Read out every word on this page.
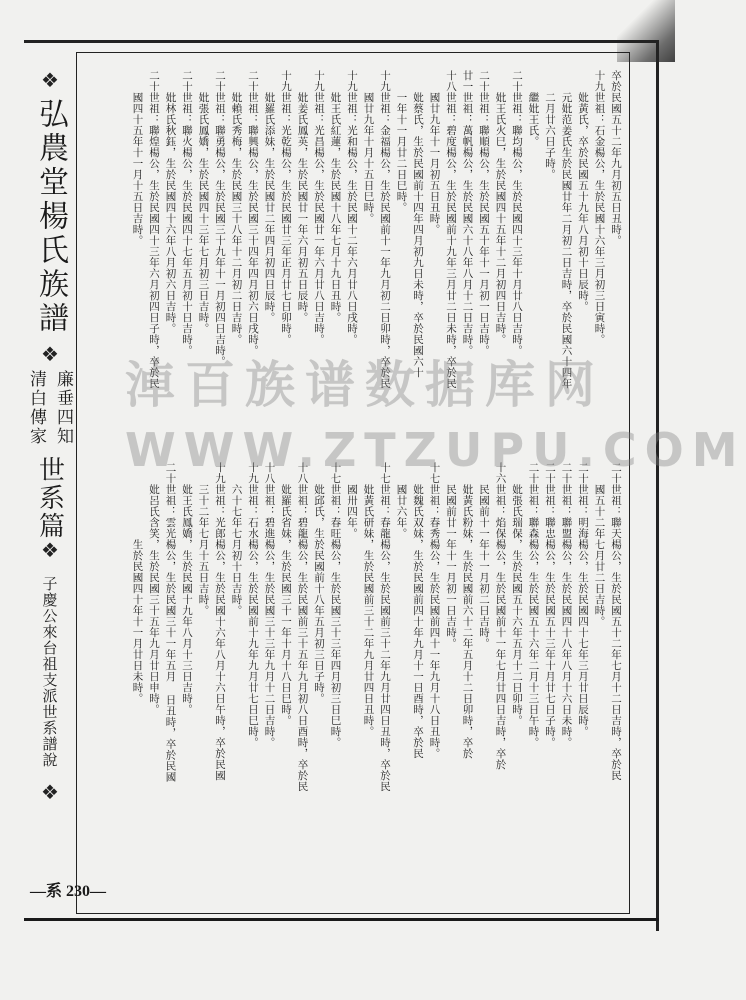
❖
弘農堂楊氏族譜
❖
廉垂四知
清白傳家
世系篇
❖
子慶公來台祖支派世系譜說
❖
—系 230—
卒於民國五十二年九月初五日丑時。
十九世祖：石金楊公，生於民國十六年三月初三日寅時。
　　妣黃氏，卒於民國五十九年八月初十日辰時。
　　元妣范姜氏生於民國廿年二月初二日吉時，卒於民國六十四年
　　二月廿六日子時。
　　繼妣王氏。
二十世祖：聯均楊公，生於民國四十三年十月廿八日吉時。
　　妣王氏火巳，生於民國四十五年十二月初四日吉時。
二十世祖：聯順楊公，生於民國五十年十一月初一日吉時。
廿一世祖：萬帆楊公，生於民國六十八年八月十二日吉時。
十八世祖：碧度楊公，生於民國前十九年三月廿二日未時，卒於民
　　國廿九年十一月初五日丑時。
　　妣蔡氏，生於民國前十四年四月初九日未時，卒於民國六十
　　一年十一月廿二日巳時。
十九世祖：金福楊公，生於民國前十一年九月初二日卯時，卒於民
　　國廿九年十月十五日巳時。
十九世祖：光和楊公，生於民國十二年六月廿八日戌時。
　　妣王氏紅蓮，生於民國十八年七月十九日丑時。
十九世祖：光昌楊公，生於民國廿一年六月廿八日吉時。
　　妣姜氏鳳英，生於民國廿一年六月初五日辰時。
十九世祖：光乾楊公，生於民國廿三年正月廿七日卯時。
　　妣羅氏添妹，生於民國廿二年四月初四日辰時。
二十世祖：聯興楊公，生於民國三十四年四月初六日戌時。
　　妣賴氏秀梅，生於民國三十八年十二月初二日吉時。
二十世祖：聯勇楊公，生於民國三十九年十一月初四日吉時。
　　妣張氏鳳嬌，生於民國四十三年七月初三日吉時。
二十世祖：聯火楊公，生於民國四十七年五月初十日吉時。
　　妣林氏秋鈺，生於民國四十六年八月初六日吉時。
二十世祖：聯煌楊公，生於民國四十三年六月初四日子時，卒於民
　　國四十五年十一月十五日吉時。
二十世祖：聯天楊公，生於民國五十二年七月十二日吉時，卒於民
　　國五十二年七月廿二日吉時。
二十世祖：明海楊公，生於民國四十七年三月廿日辰時。
二十世祖：聯盟楊公，生於民國四十八年八月十六日未時。
二十世祖：聯忠楊公，生於民國五十三年十月廿七日子時。
二十世祖：聯森楊公，生於民國五十六年二月十三日午時。
　　妣張氏瑞保，生於民國五十六年五月十二日卯時。
十六世祖：焰保楊公，生於民國前十一年七月廿四日吉時，卒於
　　民國前十一年十一月初二日吉時。
　　妣黃氏粉妹，生於民國前六十二年五月十二日卯時，卒於
　　民國前廿一年十一月初一日吉時。
十七世祖：春秀楊公，生於民國前四十一年九月十八日丑時。
　　妣魏氏双妹，生於民國前四十年九月十一日酉時，卒於民
　　國廿六年。
十七世祖：春龍楊公，生於民國前三十二年九月廿四日丑時，卒於民
　　妣黃氏研妹，生於民國前三十二年九月廿四日丑時。
　　國卅四年。
十七世祖：春旺楊公，生於民國三十三年四月初三日巳時。
　　妣邱氏，生於民國前十八年五月初三日子時。
十八世祖：碧龍楊公，生於民國前三十五年九月初八日酉時，卒於民
　　妣羅氏省妹，生於民國三十一年十月十八日巳時。
十八世祖：碧進楊公，生於民國三十三年九月十二日吉時。
十九世祖：石水楊公，生於民國前十九年九月廿七日巳時。
　　六十七年七月初十日吉時。
十九世祖：光郎楊公，生於民國十六年八月十六日午時，卒於民國
　　三十二年七月十五日吉時。
　　妣王氏鳳嬌，生於民國十九年八月十三日吉時。
二十世祖：雲光楊公，生於民國三十一年五月 日丑時，卒於民國
　　妣呂氏含笑，生於民國三十五年九月廿日申時。
　　　　　　　生於民國四十年十一月廿日未時。
淖百族谱数据库网
WWW.ZTZUPU.COM
